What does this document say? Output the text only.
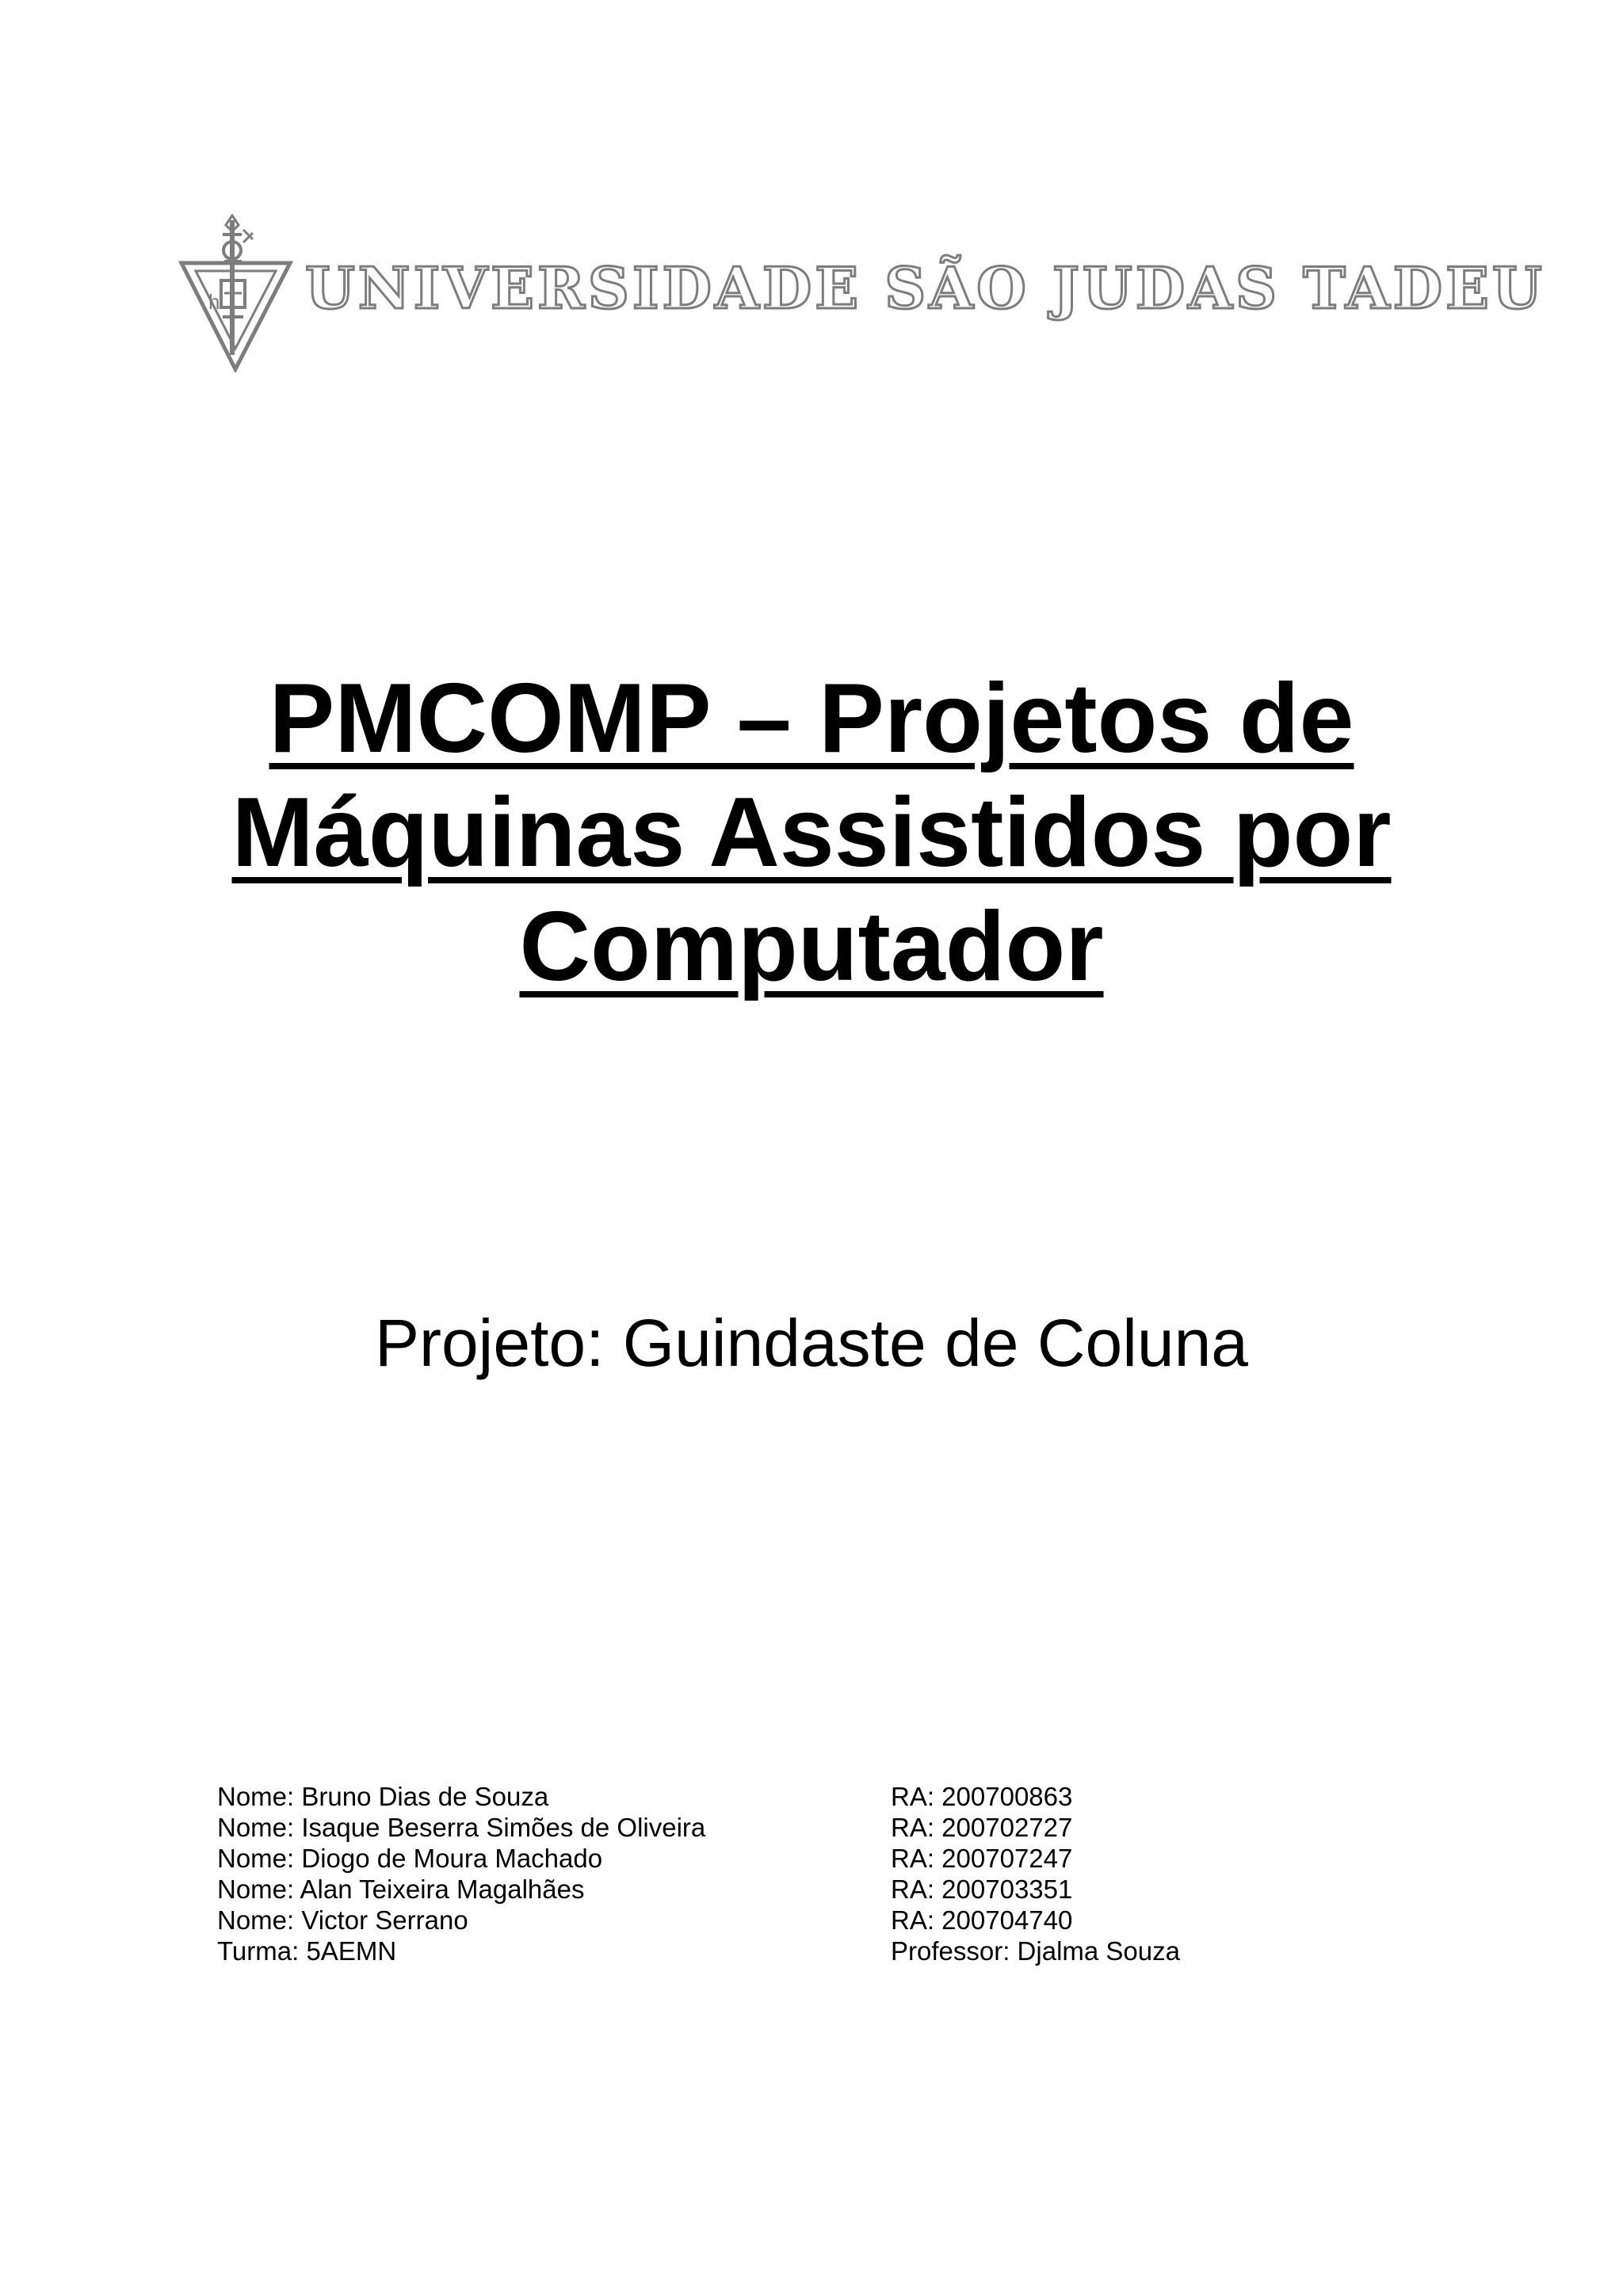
h UNIVERSIDADE SÃO JUDAS TADEU
PMCOMP – Projetos de
Máquinas Assistidos por
Computador
Projeto: Guindaste de Coluna
Nome: Bruno Dias de Souza	RA: 200700863
Nome: Isaque Beserra Simões de Oliveira	RA: 200702727
Nome: Diogo de Moura Machado	RA: 200707247
Nome: Alan Teixeira Magalhães	RA: 200703351
Nome: Victor Serrano	RA: 200704740
Turma: 5AEMN	Professor: Djalma Souza
